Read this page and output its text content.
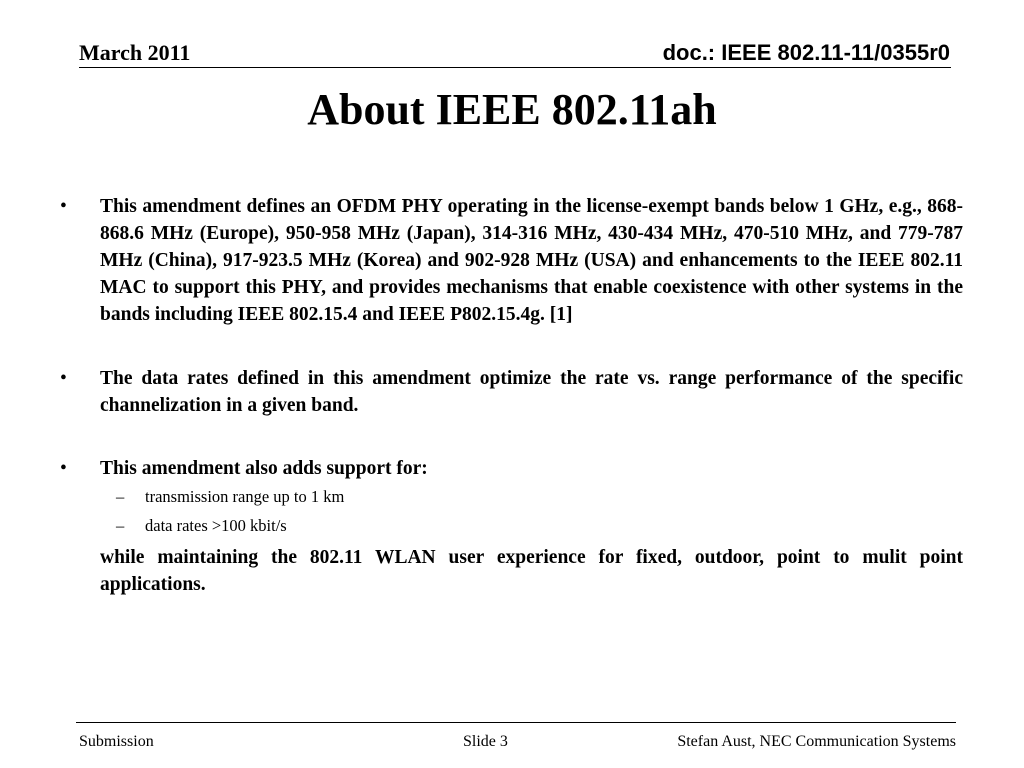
March 2011	doc.: IEEE 802.11-11/0355r0
About IEEE 802.11ah

• This amendment defines an OFDM PHY operating in the license-exempt bands below 1 GHz, e.g., 868-868.6 MHz (Europe), 950-958 MHz (Japan), 314-316 MHz, 430-434 MHz, 470-510 MHz, and 779-787 MHz (China), 917-923.5 MHz (Korea) and 902-928 MHz (USA) and enhancements to the IEEE 802.11 MAC to support this PHY, and provides mechanisms that enable coexistence with other systems in the bands including IEEE 802.15.4 and IEEE P802.15.4g. [1]

• The data rates defined in this amendment optimize the rate vs. range performance of the specific channelization in a given band.

• This amendment also adds support for:

– transmission range up to 1 km

– data rates >100 kbit/s

while maintaining the 802.11 WLAN user experience for fixed, outdoor, point to mulit point applications.

Submission	Slide 3	Stefan Aust, NEC Communication Systems
